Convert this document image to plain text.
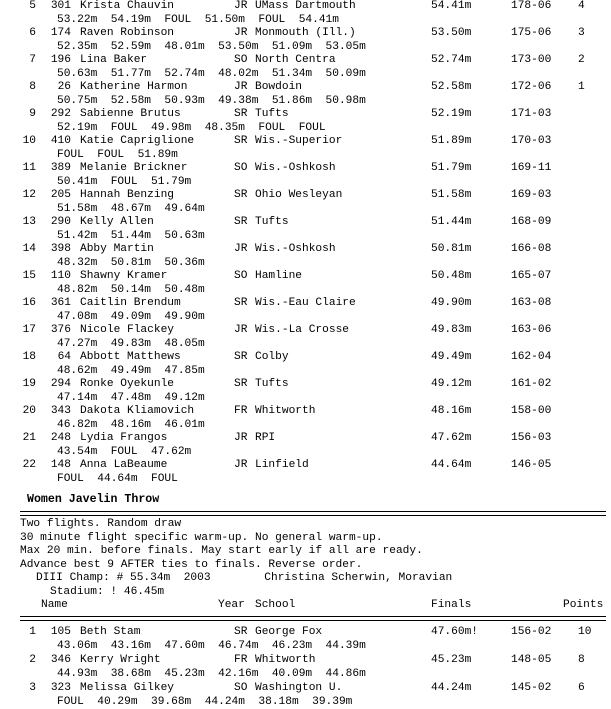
5 301 Krista Chauvin	JR UMass Dartmouth	54.41m	178-06 4
53.22m  54.19m  FOUL  51.50m  FOUL  54.41m
6 174 Raven Robinson	JR Monmouth (Ill.)	53.50m	175-06 3
52.35m  52.59m  48.01m  53.50m  51.09m  53.05m
7 196 Lina Baker	SO North Centra	52.74m	173-00 2
50.63m  51.77m  52.74m  48.02m  51.34m  50.09m
8	26 Katherine Harmon	JR Bowdoin	52.58m	172-06 1
50.75m  52.58m  50.93m  49.38m  51.86m  50.98m
9 292 Sabienne Brutus	SR Tufts	52.19m	171-03
52.19m  FOUL  49.98m  48.35m  FOUL  FOUL
10 410 Katie Capriglione	SR Wis.-Superior	51.89m	170-03
FOUL  FOUL  51.89m
11 389 Melanie Brickner	SO Wis.-Oshkosh	51.79m	169-11
50.41m  FOUL  51.79m
12 205 Hannah Benzing	SR Ohio Wesleyan	51.58m	169-03
51.58m  48.67m  49.64m
13 290 Kelly Allen	SR Tufts	51.44m	168-09
51.42m  51.44m  50.63m
14 398 Abby Martin	JR Wis.-Oshkosh	50.81m	166-08
48.32m  50.81m  50.36m
15 110 Shawny Kramer	SO Hamline	50.48m	165-07
48.82m  50.14m  50.48m
16 361 Caitlin Brendum	SR Wis.-Eau Claire	49.90m	163-08
47.08m  49.09m  49.90m
17 376 Nicole Flackey	JR Wis.-La Crosse	49.83m	163-06
47.27m  49.83m  48.05m
18	64 Abbott Matthews	SR Colby	49.49m	162-04
48.62m  49.49m  47.85m
19 294 Ronke Oyekunle	SR Tufts	49.12m	161-02
47.14m  47.48m  49.12m
20 343 Dakota Kliamovich	FR Whitworth	48.16m	158-00
46.82m  48.16m  46.01m
21 248 Lydia Frangos	JR RPI	47.62m	156-03
43.54m  FOUL  47.62m
22 148 Anna LaBeaume	JR Linfield	44.64m	146-05
FOUL  44.64m  FOUL
Women Javelin Throw
Two flights. Random draw
30 minute flight specific warm-up. No general warm-up.
Max 20 min. before finals. May start early if all are ready.
Advance best 9 AFTER ties to finals. Reverse order.
DIII Champ: # 55.34m  2003        Christina Scherwin, Moravian
Stadium: ! 46.45m
Name	Year School	Finals	Points
1 105 Beth Stam	SR George Fox	47.60m!	156-02 10
43.06m  43.16m  47.60m  46.74m  46.23m  44.39m
2 346 Kerry Wright	FR Whitworth	45.23m	148-05 8
44.93m  38.68m  45.23m  42.16m  40.09m  44.86m
3 323 Melissa Gilkey	SO Washington U.	44.24m	145-02 6
FOUL  40.29m  39.68m  44.24m  38.18m  39.39m
